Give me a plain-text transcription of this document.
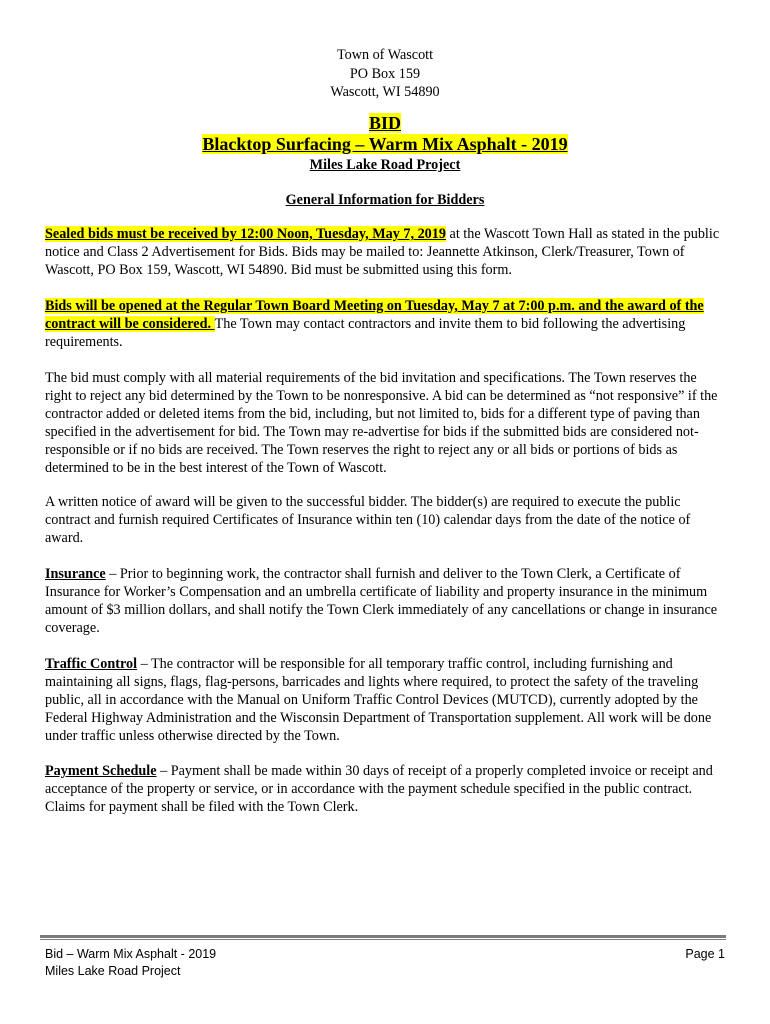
Town of Wascott
PO Box 159
Wascott, WI 54890
BID
Blacktop Surfacing – Warm Mix Asphalt - 2019
Miles Lake Road Project
General Information for Bidders

Sealed bids must be received by 12:00 Noon, Tuesday, May 7, 2019 at the Wascott Town Hall as stated in the public notice and Class 2 Advertisement for Bids. Bids may be mailed to: Jeannette Atkinson, Clerk/Treasurer, Town of Wascott, PO Box 159, Wascott, WI 54890. Bid must be submitted using this form.

Bids will be opened at the Regular Town Board Meeting on Tuesday, May 7 at 7:00 p.m. and the award of the contract will be considered. The Town may contact contractors and invite them to bid following the advertising requirements.

The bid must comply with all material requirements of the bid invitation and specifications. The Town reserves the right to reject any bid determined by the Town to be nonresponsive. A bid can be determined as “not responsive” if the contractor added or deleted items from the bid, including, but not limited to, bids for a different type of paving than specified in the advertisement for bid. The Town may re-advertise for bids if the submitted bids are considered not-responsible or if no bids are received. The Town reserves the right to reject any or all bids or portions of bids as determined to be in the best interest of the Town of Wascott.

A written notice of award will be given to the successful bidder. The bidder(s) are required to execute the public contract and furnish required Certificates of Insurance within ten (10) calendar days from the date of the notice of award.

Insurance – Prior to beginning work, the contractor shall furnish and deliver to the Town Clerk, a Certificate of Insurance for Worker’s Compensation and an umbrella certificate of liability and property insurance in the minimum amount of $3 million dollars, and shall notify the Town Clerk immediately of any cancellations or change in insurance coverage.

Traffic Control – The contractor will be responsible for all temporary traffic control, including furnishing and maintaining all signs, flags, flag-persons, barricades and lights where required, to protect the safety of the traveling public, all in accordance with the Manual on Uniform Traffic Control Devices (MUTCD), currently adopted by the Federal Highway Administration and the Wisconsin Department of Transportation supplement. All work will be done under traffic unless otherwise directed by the Town.

Payment Schedule – Payment shall be made within 30 days of receipt of a properly completed invoice or receipt and acceptance of the property or service, or in accordance with the payment schedule specified in the public contract. Claims for payment shall be filed with the Town Clerk.

Bid – Warm Mix Asphalt - 2019
Miles Lake Road Project
Page 1
